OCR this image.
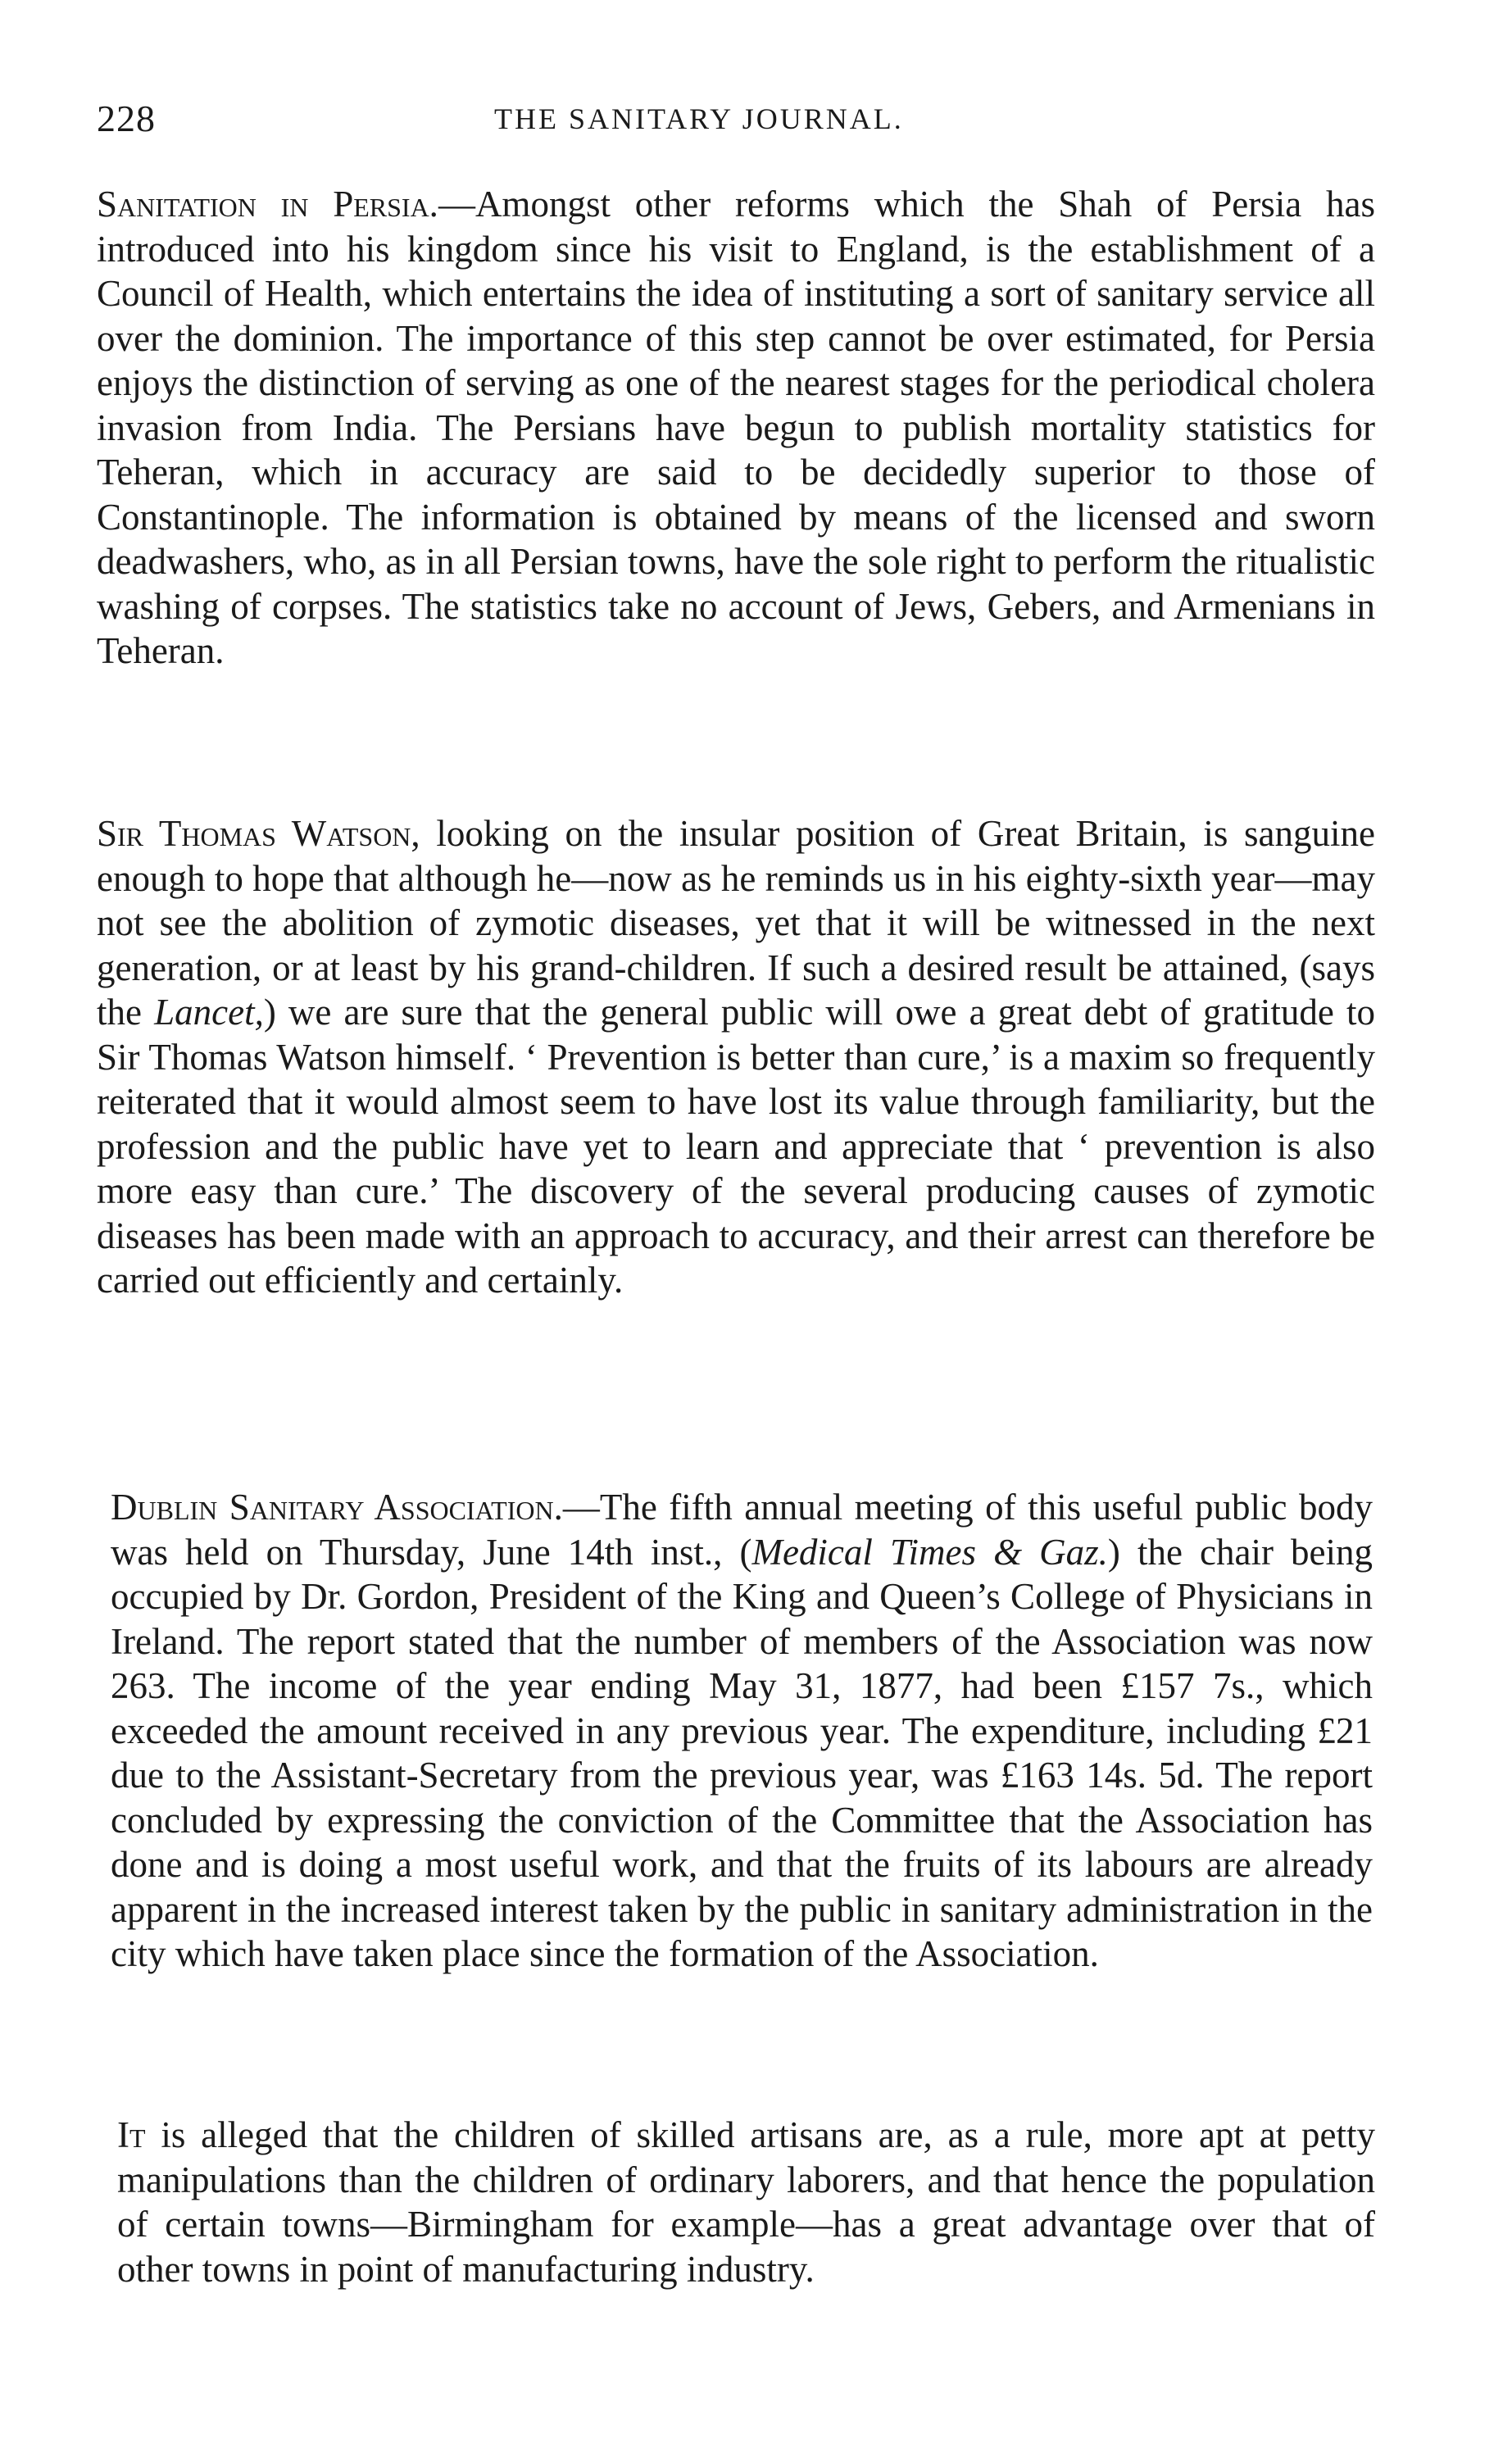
228	THE SANITARY JOURNAL.

Sanitation in Persia.—Amongst other reforms which the Shah of Persia has introduced into his kingdom since his visit to England, is the establishment of a Council of Health, which entertains the idea of instituting a sort of sanitary service all over the dominion. The importance of this step cannot be over estimated, for Persia enjoys the distinction of serving as one of the nearest stages for the periodical cholera invasion from India. The Persians have begun to publish mortality statistics for Teheran, which in accuracy are said to be decidedly superior to those of Constantinople. The information is obtained by means of the licensed and sworn deadwashers, who, as in all Persian towns, have the sole right to perform the ritualistic washing of corpses. The statistics take no account of Jews, Gebers, and Armenians in Teheran.

Sir Thomas Watson, looking on the insular position of Great Britain, is sanguine enough to hope that although he—now as he reminds us in his eighty-sixth year—may not see the abolition of zymotic diseases, yet that it will be witnessed in the next generation, or at least by his grand-children. If such a desired result be attained, (says the Lancet,) we are sure that the general public will owe a great debt of gratitude to Sir Thomas Watson himself. ‘ Prevention is better than cure,’ is a maxim so frequently reiterated that it would almost seem to have lost its value through familiarity, but the profession and the public have yet to learn and appreciate that ‘ prevention is also more easy than cure.’ The discovery of the several producing causes of zymotic diseases has been made with an approach to accuracy, and their arrest can therefore be carried out efficiently and certainly.

Dublin Sanitary Association.—The fifth annual meeting of this useful public body was held on Thursday, June 14th inst., (Medical Times & Gaz.) the chair being occupied by Dr. Gordon, President of the King and Queen’s College of Physicians in Ireland. The report stated that the number of members of the Association was now 263. The income of the year ending May 31, 1877, had been £157 7s., which exceeded the amount received in any previous year. The expenditure, including £21 due to the Assistant-Secretary from the previous year, was £163 14s. 5d. The report concluded by expressing the conviction of the Committee that the Association has done and is doing a most useful work, and that the fruits of its labours are already apparent in the increased interest taken by the public in sanitary administration in the city which have taken place since the formation of the Association.

It is alleged that the children of skilled artisans are, as a rule, more apt at petty manipulations than the children of ordinary laborers, and that hence the population of certain towns—Birmingham for example—has a great advantage over that of other towns in point of manufacturing industry.
